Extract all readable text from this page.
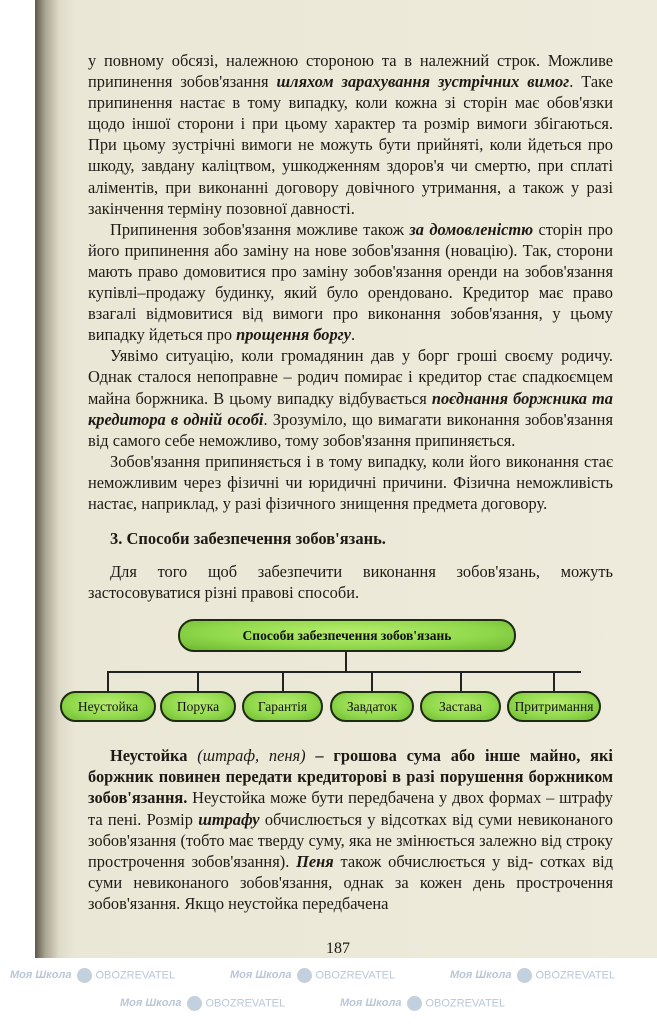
Моя Школа OBOZREVATEL	Моя Школа OBOZREVATEL	Моя Школа OBOZREVATEL
Моя Школа OBOZREVATEL	Моя Школа OBOZREVATEL

у повному обсязі, належною стороною та в належний строк. Можливе припинення зобов'язання шляхом зарахування зустрічних вимог. Таке припинення настає в тому випадку, коли кожна зі сторін має обов'язки щодо іншої сторони і при цьому характер та розмір вимоги збігаються. При цьому зустрічні вимоги не можуть бути прийняті, коли йдеться про шкоду, завдану каліцтвом, ушкодженням здоров'я чи смертю, при сплаті аліментів, при виконанні договору довічного утримання, а також у разі закінчення терміну позовної давності.

Припинення зобов'язання можливе також за домовленістю сторін про його припинення або заміну на нове зобов'язання (новацію). Так, сторони мають право домовитися про заміну зобов'язання оренди на зобов'язання купівлі–продажу будинку, який було орендовано. Кредитор має право взагалі відмовитися від вимоги про виконання зобов'язання, у цьому випадку йдеться про прощення боргу.

Уявімо ситуацію, коли громадянин дав у борг гроші своєму родичу. Однак сталося непоправне – родич помирає і кредитор стає спадкоємцем майна боржника. В цьому випадку відбувається поєднання боржника та кредитора в одній особі. Зрозуміло, що вимагати виконання зобов'язання від самого себе неможливо, тому зобов'язання припиняється.

Зобов'язання припиняється і в тому випадку, коли його виконання стає неможливим через фізичні чи юридичні причини. Фізична неможливість настає, наприклад, у разі фізичного знищення предмета договору.

3. Способи забезпечення зобов'язань.

Для того щоб забезпечити виконання зобов'язань, можуть застосовуватися різні правові способи.

Способи забезпечення зобов'язань
Неустойка	Порука	Гарантія	Завдаток	Застава	Притримання

Неустойка (штраф, пеня) – грошова сума або інше майно, які боржник повинен передати кредиторові в разі порушення боржником зобов'язання. Неустойка може бути передбачена у двох формах – штрафу та пені. Розмір штрафу обчислюється у відсотках від суми невиконаного зобов'язання (тобто має тверду суму, яка не змінюється залежно від строку прострочення зобов'язання). Пеня також обчислюється у від- сотках від суми невиконаного зобов'язання, однак за кожен день прострочення зобов'язання. Якщо неустойка передбачена

187
